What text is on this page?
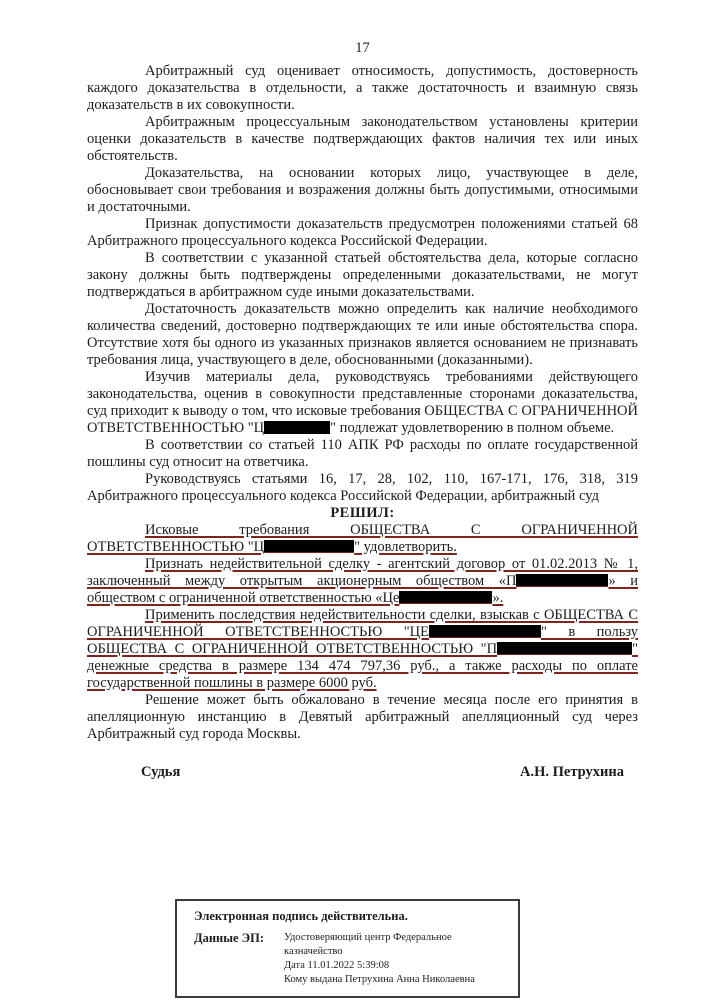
17

Арбитражный суд оценивает относимость, допустимость, достоверность каждого доказательства в отдельности, а также достаточность и взаимную связь доказательств в их совокупности.

Арбитражным процессуальным законодательством установлены критерии оценки доказательств в качестве подтверждающих фактов наличия тех или иных обстоятельств.

Доказательства, на основании которых лицо, участвующее в деле, обосновывает свои требования и возражения должны быть допустимыми, относимыми и достаточными.

Признак допустимости доказательств предусмотрен положениями статьей 68 Арбитражного процессуального кодекса Российской Федерации.

В соответствии с указанной статьей обстоятельства дела, которые согласно закону должны быть подтверждены определенными доказательствами, не могут подтверждаться в арбитражном суде иными доказательствами.

Достаточность доказательств можно определить как наличие необходимого количества сведений, достоверно подтверждающих те или иные обстоятельства спора. Отсутствие хотя бы одного из указанных признаков является основанием не признавать требования лица, участвующего в деле, обоснованными (доказанными).

Изучив материалы дела, руководствуясь требованиями действующего законодательства, оценив в совокупности представленные сторонами доказательства, суд приходит к выводу о том, что исковые требования ОБЩЕСТВА С ОГРАНИЧЕННОЙ ОТВЕТСТВЕННОСТЬЮ "Ц	" подлежат удовлетворению в полном объеме.

В соответствии со статьей 110 АПК РФ расходы по оплате государственной пошлины суд относит на ответчика.

Руководствуясь статьями 16, 17, 28, 102, 110, 167-171, 176, 318, 319 Арбитражного процессуального кодекса Российской Федерации, арбитражный суд

РЕШИЛ:

Исковые требования ОБЩЕСТВА С ОГРАНИЧЕННОЙ ОТВЕТСТВЕННОСТЬЮ "Ц	" удовлетворить.

Признать недействительной сделку - агентский договор от 01.02.2013 № 1, заключенный между открытым акционерным обществом «П	» и обществом с ограниченной ответственностью «Це	».

Применить последствия недействительности сделки, взыскав с ОБЩЕСТВА С ОГРАНИЧЕННОЙ ОТВЕТСТВЕННОСТЬЮ "ЦЕ	" в пользу ОБЩЕСТВА С ОГРАНИЧЕННОЙ ОТВЕТСТВЕННОСТЬЮ "П	" денежные средства в размере 134 474 797,36 руб., а также расходы по оплате государственной пошлины в размере 6000 руб.

Решение может быть обжаловано в течение месяца после его принятия в апелляционную инстанцию в Девятый арбитражный апелляционный суд через Арбитражный суд города Москвы.

Судья	А.Н. Петрухина
Электронная подпись действительна.
Данные ЭП:	Удостоверяющий центр Федеральное казначейство
Дата 11.01.2022 5:39:08
Кому выдана Петрухина Анна Николаевна
